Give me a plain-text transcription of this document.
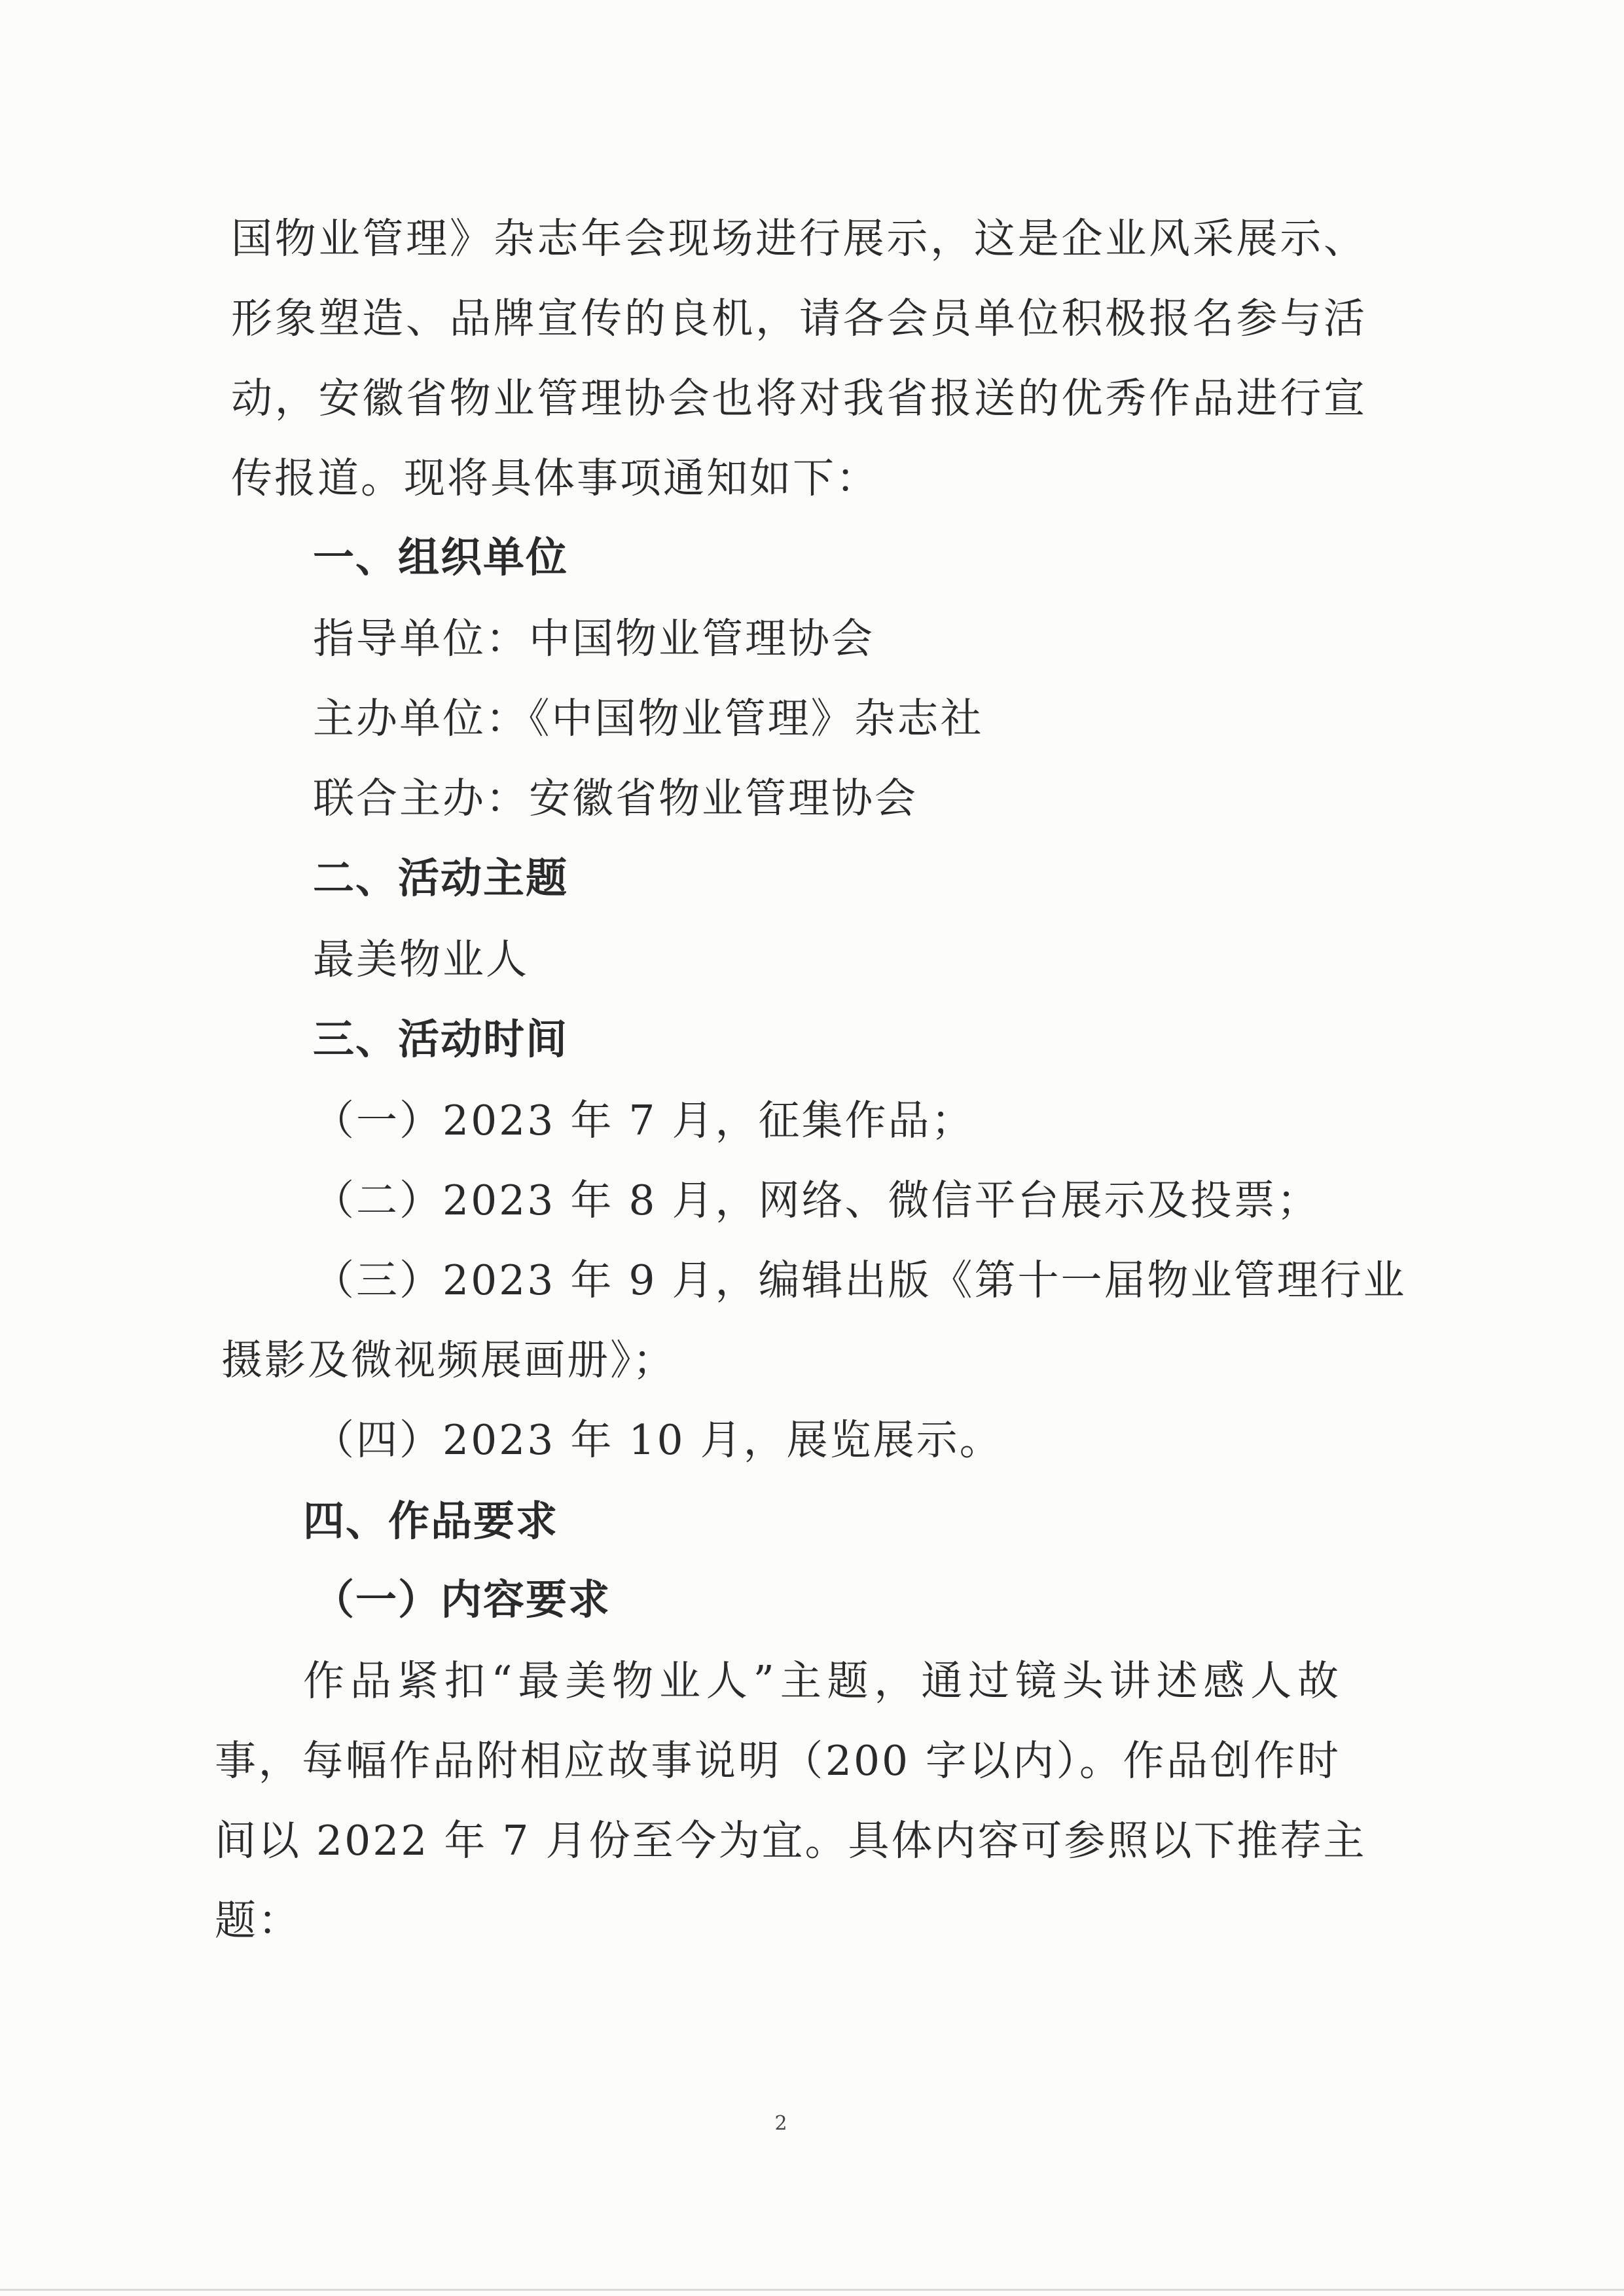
国物业管理》杂志年会现场进行展示，这是企业风采展示、
形象塑造、品牌宣传的良机，请各会员单位积极报名参与活
动，安徽省物业管理协会也将对我省报送的优秀作品进行宣
传报道。现将具体事项通知如下：
一、组织单位
指导单位：中国物业管理协会
主办单位：《中国物业管理》杂志社
联合主办：安徽省物业管理协会
二、活动主题
最美物业人
三、活动时间
（一）2023 年 7 月，征集作品；
（二）2023 年 8 月，网络、微信平台展示及投票；
（三）2023 年 9 月，编辑出版《第十一届物业管理行业
摄影及微视频展画册》；
（四）2023 年 10 月，展览展示。
四、作品要求
（一）内容要求
作品紧扣“最美物业人”主题，通过镜头讲述感人故
事，每幅作品附相应故事说明（200 字以内）。作品创作时
间以 2022 年 7 月份至今为宜。具体内容可参照以下推荐主
题：
2
